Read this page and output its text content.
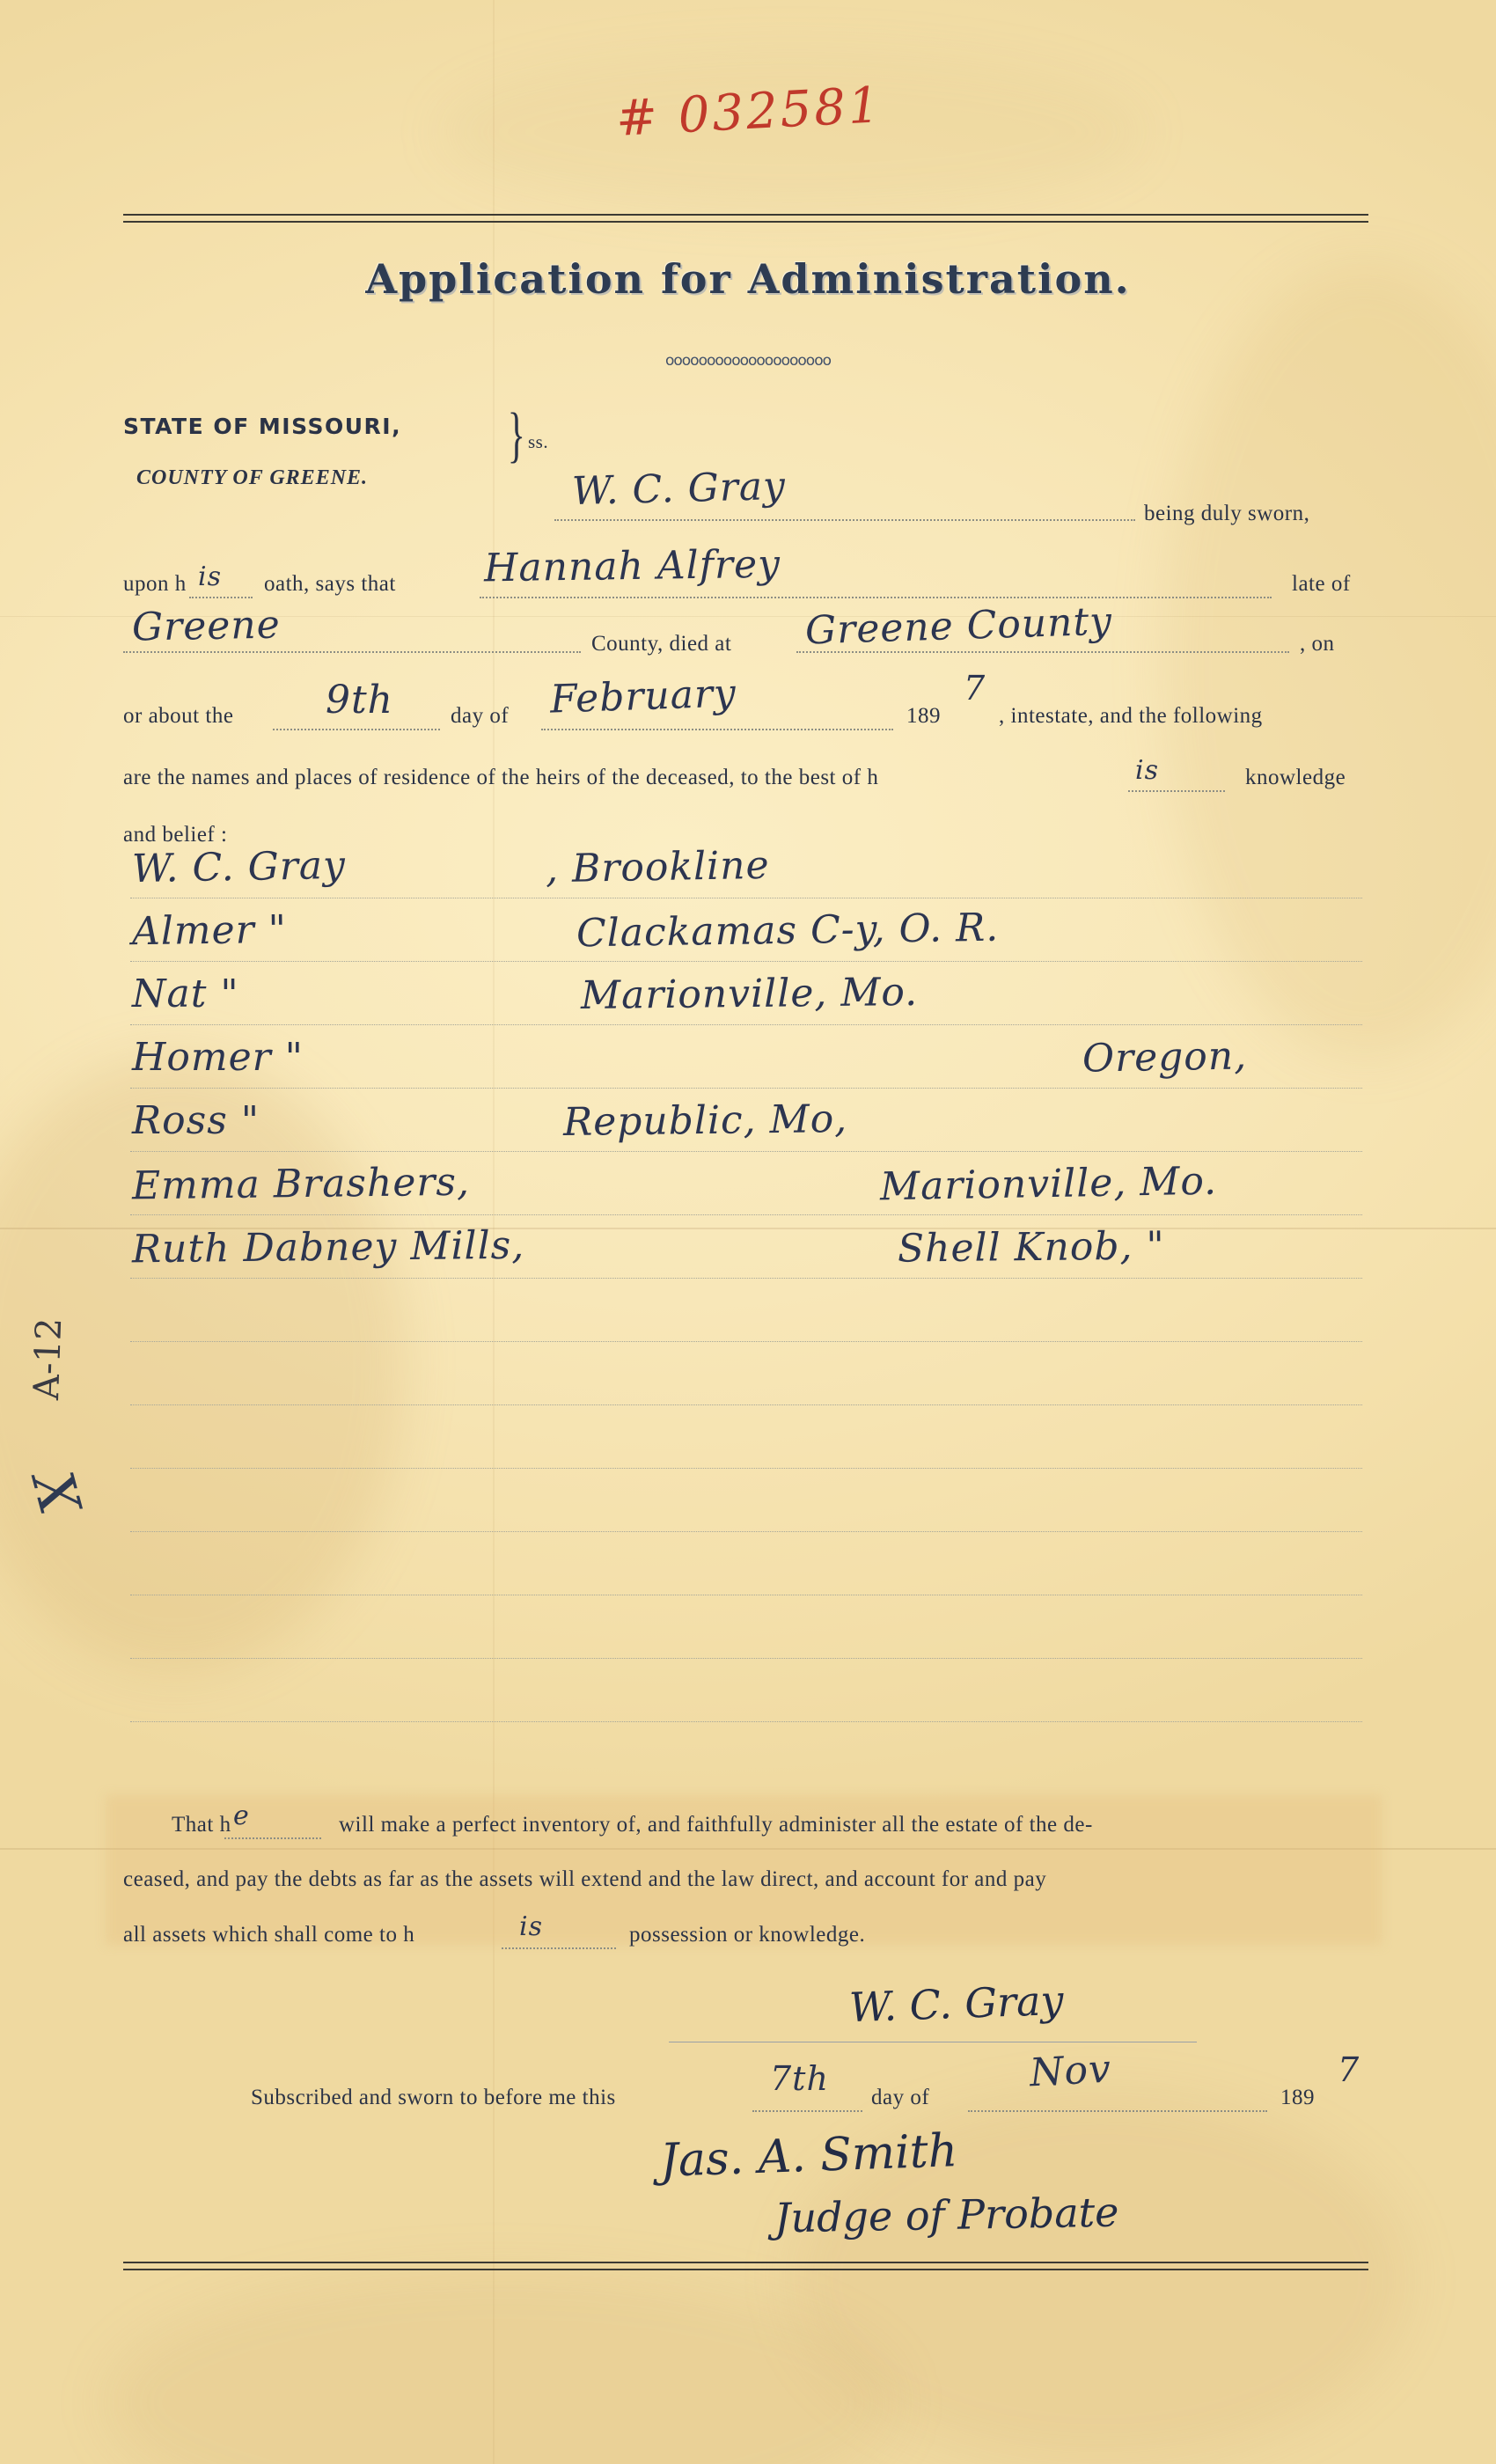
# 032581
Application for Administration.
oooooooooooooooooooo
STATE OF MISSOURI,
COUNTY OF GREENE.
} ss.
W. C. Gray	being duly sworn,
upon h is oath, says that Hannah Alfrey	late of
Greene	County, died at Greene County	, on
or about the 9th	day of February	189
7
, intestate, and the following
are the names and places of residence of the heirs of the deceased, to the best of h	is	knowledge
and belief :
W. C. Gray	, Brookline
Almer "	Clackamas C-y, O. R.
Nat "	Marionville, Mo.
Homer "	Oregon,
Ross "	Republic, Mo,
Emma Brashers,	Marionville, Mo.
Ruth Dabney Mills,	Shell Knob, "
A-12
X
That h e	will make a perfect inventory of, and faithfully administer all the estate of the de-
ceased, and pay the debts as far as the assets will extend and the law direct, and account for and pay
all assets which shall come to h	is	possession or knowledge.
W. C. Gray
Subscribed and sworn to before me this	7th day of
Nov
189
7
Jas. A. Smith
Judge of Probate
